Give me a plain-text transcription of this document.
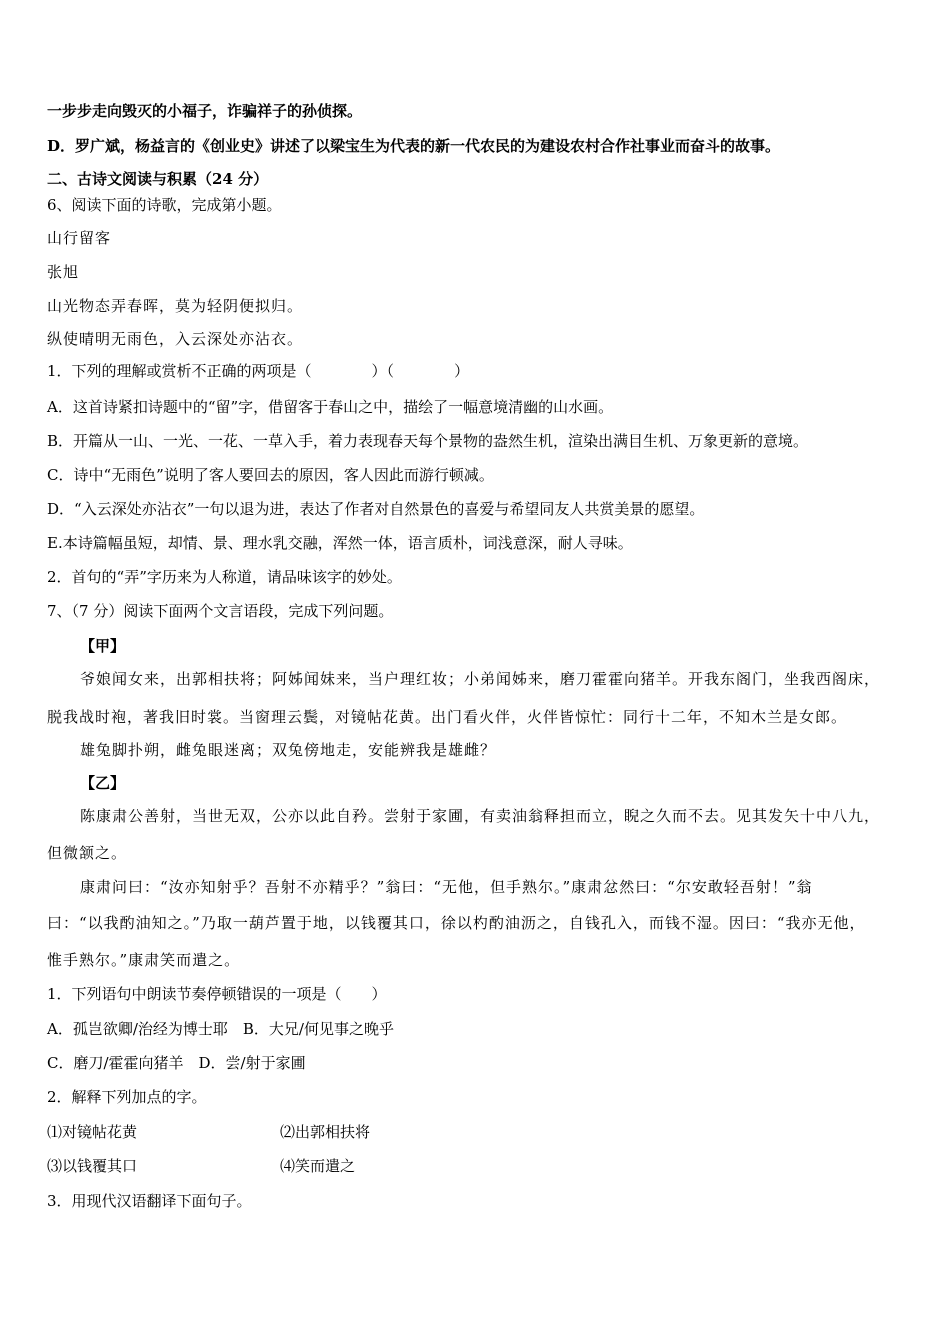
一步步走向毁灭的小福子，诈骗祥子的孙侦探。
D．罗广斌，杨益言的《创业史》讲述了以梁宝生为代表的新一代农民的为建设农村合作社事业而奋斗的故事。
二、古诗文阅读与积累（24 分）
6、阅读下面的诗歌，完成第小题。
山行留客
张旭
山光物态弄春晖，莫为轻阴便拟归。
纵使晴明无雨色，入云深处亦沾衣。
1．下列的理解或赏析不正确的两项是（	）（	）
A．这首诗紧扣诗题中的“留”字，借留客于春山之中，描绘了一幅意境清幽的山水画。
B．开篇从一山、一光、一花、一草入手，着力表现春天每个景物的盎然生机，渲染出满目生机、万象更新的意境。
C．诗中“无雨色”说明了客人要回去的原因，客人因此而游行顿减。
D．“入云深处亦沾衣”一句以退为进，表达了作者对自然景色的喜爱与希望同友人共赏美景的愿望。
E.本诗篇幅虽短，却情、景、理水乳交融，浑然一体，语言质朴，词浅意深，耐人寻味。
2．首句的“弄”字历来为人称道，请品味该字的妙处。
7、（7 分）阅读下面两个文言语段，完成下列问题。
【甲】
爷娘闻女来，出郭相扶将；阿姊闻妹来，当户理红妆；小弟闻姊来，磨刀霍霍向猪羊。开我东阁门，坐我西阁床，
脱我战时袍，著我旧时裳。当窗理云鬓，对镜帖花黄。出门看火伴，火伴皆惊忙：同行十二年，不知木兰是女郎。
雄兔脚扑朔，雌兔眼迷离；双兔傍地走，安能辨我是雄雌？
【乙】
陈康肃公善射，当世无双，公亦以此自矜。尝射于家圃，有卖油翁释担而立，睨之久而不去。见其发矢十中八九，
但微颔之。
康肃问曰：“汝亦知射乎？吾射不亦精乎？”翁曰：“无他，但手熟尔。”康肃忿然曰：“尔安敢轻吾射！”翁
曰：“以我酌油知之。”乃取一葫芦置于地，以钱覆其口，徐以杓酌油沥之，自钱孔入，而钱不湿。因曰：“我亦无他，
惟手熟尔。”康肃笑而遣之。
1．下列语句中朗读节奏停顿错误的一项是（　　）
A．孤岂欲卿/治经为博士耶　B．大兄/何见事之晚乎
C．磨刀/霍霍向猪羊　D．尝/射于家圃
2．解释下列加点的字。
⑴对镜帖花黄	⑵出郭相扶将
⑶以钱覆其口	⑷笑而遣之
3．用现代汉语翻译下面句子。
